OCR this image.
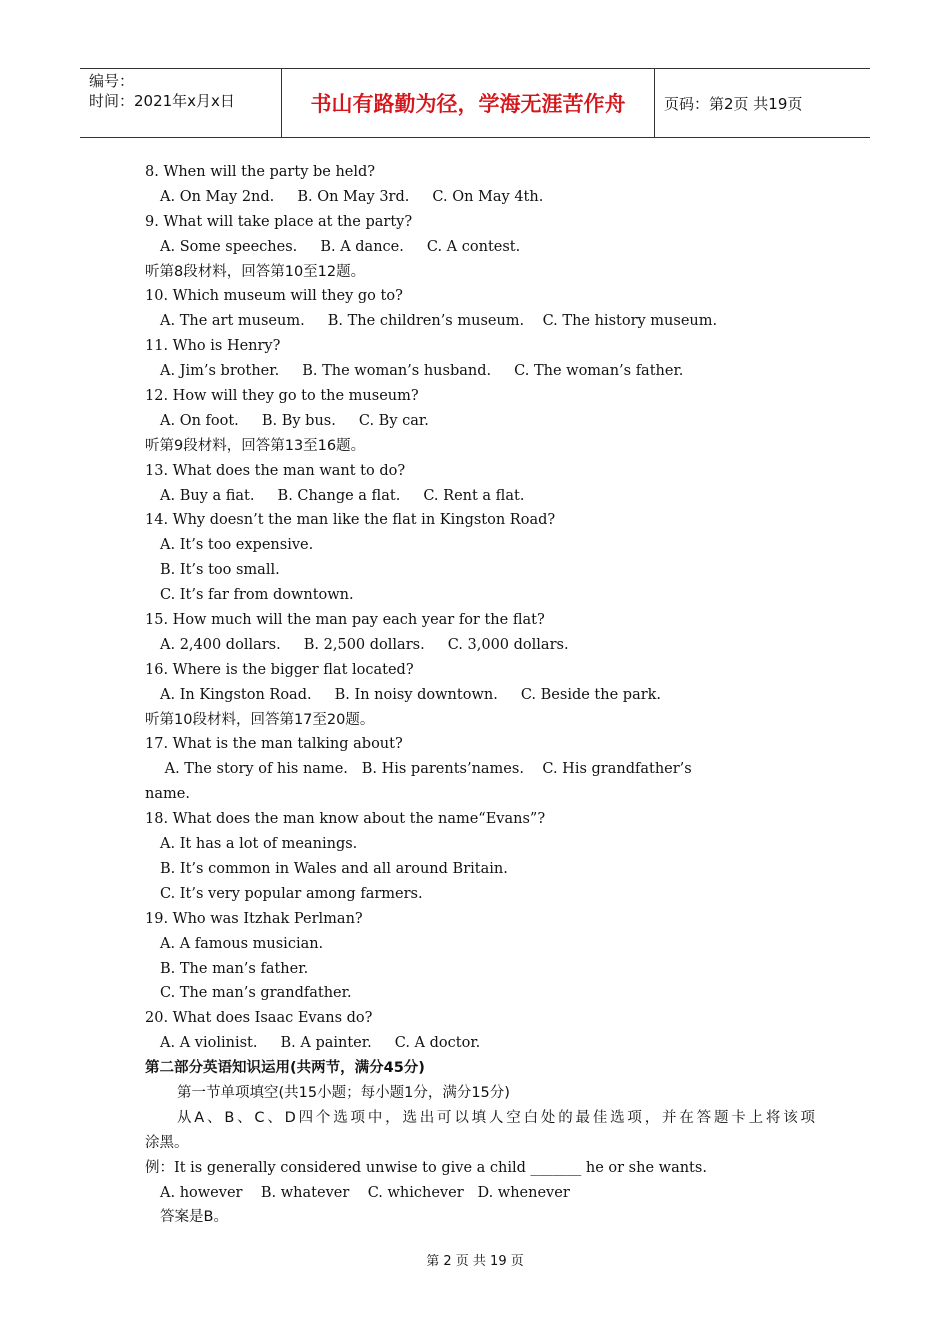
编号：
时间：2021年x月x日	书山有路勤为径，学海无涯苦作舟	页码：第2页 共19页
8. When will the party be held?
A. On May 2nd.     B. On May 3rd.     C. On May 4th.
9. What will take place at the party?
A. Some speeches.     B. A dance.     C. A contest.
听第8段材料，回答第10至12题。
10. Which museum will they go to?
A. The art museum.     B. The children’s museum.    C. The history museum.
11. Who is Henry?
A. Jim’s brother.     B. The woman’s husband.     C. The woman’s father.
12. How will they go to the museum?
A. On foot.     B. By bus.     C. By car.
听第9段材料，回答第13至16题。
13. What does the man want to do?
A. Buy a fiat.     B. Change a flat.     C. Rent a flat.
14. Why doesn’t the man like the flat in Kingston Road?
A. It’s too expensive.
B. It’s too small.
C. It’s far from downtown.
15. How much will the man pay each year for the flat?
A. 2,400 dollars.     B. 2,500 dollars.     C. 3,000 dollars.
16. Where is the bigger flat located?
A. In Kingston Road.     B. In noisy downtown.     C. Beside the park.
听第10段材料，回答第17至20题。
17. What is the man talking about?
A. The story of his name.   B. His parents’names.    C. His grandfather’s
name.
18. What does the man know about the name“Evans”?
A. It has a lot of meanings.
B. It’s common in Wales and all around Britain.
C. It’s very popular among farmers.
19. Who was Itzhak Perlman?
A. A famous musician.
B. The man’s father.
C. The man’s grandfather.
20. What does Isaac Evans do?
A. A violinist.     B. A painter.     C. A doctor.
第二部分英语知识运用(共两节，满分45分)
第一节单项填空(共15小题；每小题1分，满分15分)
从A、B、C、D四个选项中，选出可以填人空白处的最佳选项，并在答题卡上将该项
涂黑。
例：It is generally considered unwise to give a child _______ he or she wants.
A. however    B. whatever    C. whichever   D. whenever
答案是B。
第 2 页 共 19 页
